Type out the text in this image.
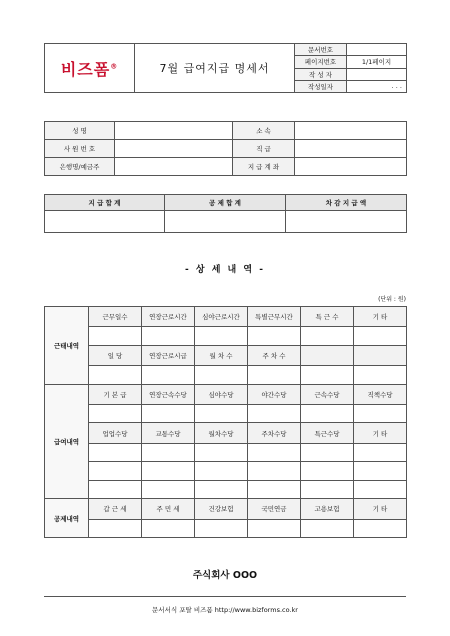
비즈폼®	7월 급여지급 명세서	문서번호	
		페이지번호	1/1페이지
		작 성 자	
		작성일자	. . .
성 명		소 속	
사 원 번 호		직 급	
은행명/예금주		지 급 계 좌	
지 급 합 계	공 제 합 계	차 감 지 급 액

- 상 세 내 역 -
(단위 : 원)
근태내역	근무일수	연장근로시간	심야근로시간	특별근무시간	특 근 수	기 타

	일 당	연장근로시급	월 차 수	주 차 수		

급여내역	기 본 급	연장근속수당	심야수당	야간수당	근속수당	직책수당

	업업수당	교통수당	월차수당	주차수당	특근수당	기 타

공제내역	갑 근 세	주 민 세	건강보험	국민연금	고용보험	기 타

주식회사 OOO
문서서식 포탈 비즈폼 http://www.bizforms.co.kr
